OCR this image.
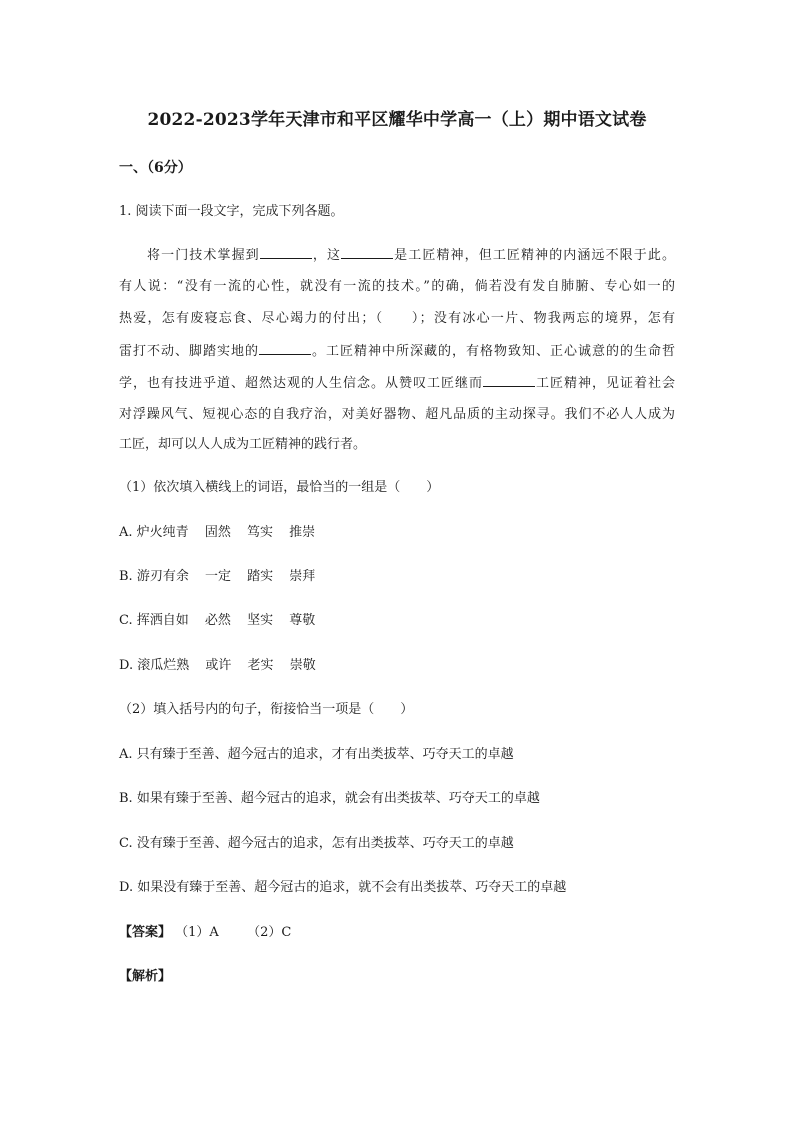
2022-2023学年天津市和平区耀华中学高一（上）期中语文试卷
一、（6分）
1. 阅读下面一段文字，完成下列各题。
将一门技术掌握到	，这	是工匠精神，但工匠精神的内涵远不限于此。
有人说：“没有一流的心性，就没有一流的技术。”的确，倘若没有发自肺腑、专心如一的
热爱，怎有废寝忘食、尽心竭力的付出；（　　）；没有冰心一片、物我两忘的境界，怎有
雷打不动、脚踏实地的	。工匠精神中所深藏的，有格物致知、正心诚意的的生命哲
学，也有技进乎道、超然达观的人生信念。从赞叹工匠继而	工匠精神，见证着社会
对浮躁风气、短视心态的自我疗治，对美好器物、超凡品质的主动探寻。我们不必人人成为
工匠，却可以人人成为工匠精神的践行者。
（1）依次填入横线上的词语，最恰当的一组是（　　）
A. 炉火纯青 固然 笃实 推崇
B. 游刃有余 一定 踏实 崇拜
C. 挥洒自如 必然 坚实 尊敬
D. 滚瓜烂熟 或许 老实 崇敬
（2）填入括号内的句子，衔接恰当一项是（　　）
A. 只有臻于至善、超今冠古的追求，才有出类拔萃、巧夺天工的卓越
B. 如果有臻于至善、超今冠古的追求，就会有出类拔萃、巧夺天工的卓越
C. 没有臻于至善、超今冠古的追求，怎有出类拔萃、巧夺天工的卓越
D. 如果没有臻于至善、超今冠古的追求，就不会有出类拔萃、巧夺天工的卓越
【答案】 （1）A （2）C
【解析】
